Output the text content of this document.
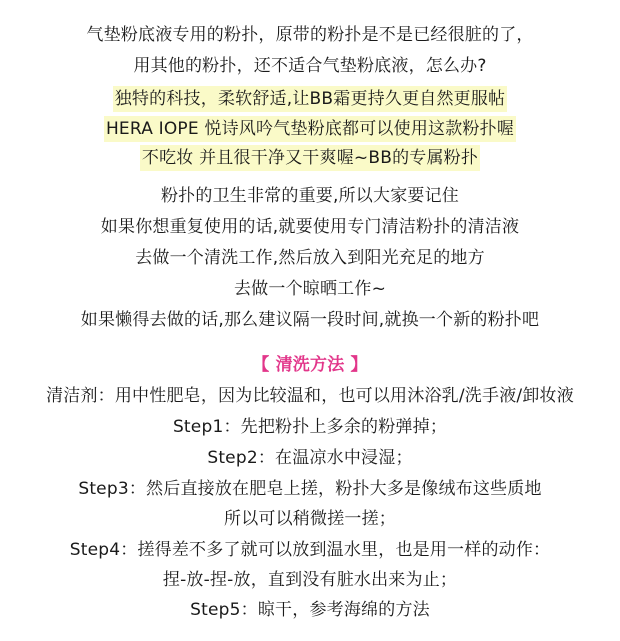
气垫粉底液专用的粉扑，原带的粉扑是不是已经很脏的了，
用其他的粉扑，还不适合气垫粉底液，怎么办?
独特的科技，柔软舒适,让BB霜更持久更自然更服帖
HERA IOPE 悦诗风吟气垫粉底都可以使用这款粉扑喔
不吃妆 并且很干净又干爽喔~BB的专属粉扑
粉扑的卫生非常的重要,所以大家要记住
如果你想重复使用的话,就要使用专门清洁粉扑的清洁液
去做一个清洗工作,然后放入到阳光充足的地方
去做一个晾晒工作~
如果懒得去做的话,那么建议隔一段时间,就换一个新的粉扑吧
【 清洗方法 】
清洁剂：用中性肥皂，因为比较温和，也可以用沐浴乳/洗手液/卸妆液
Step1：先把粉扑上多余的粉弹掉；
Step2：在温凉水中浸湿；
Step3：然后直接放在肥皂上搓，粉扑大多是像绒布这些质地
所以可以稍微搓一搓；
Step4：搓得差不多了就可以放到温水里，也是用一样的动作：
捏-放-捏-放，直到没有脏水出来为止；
Step5：晾干，参考海绵的方法
